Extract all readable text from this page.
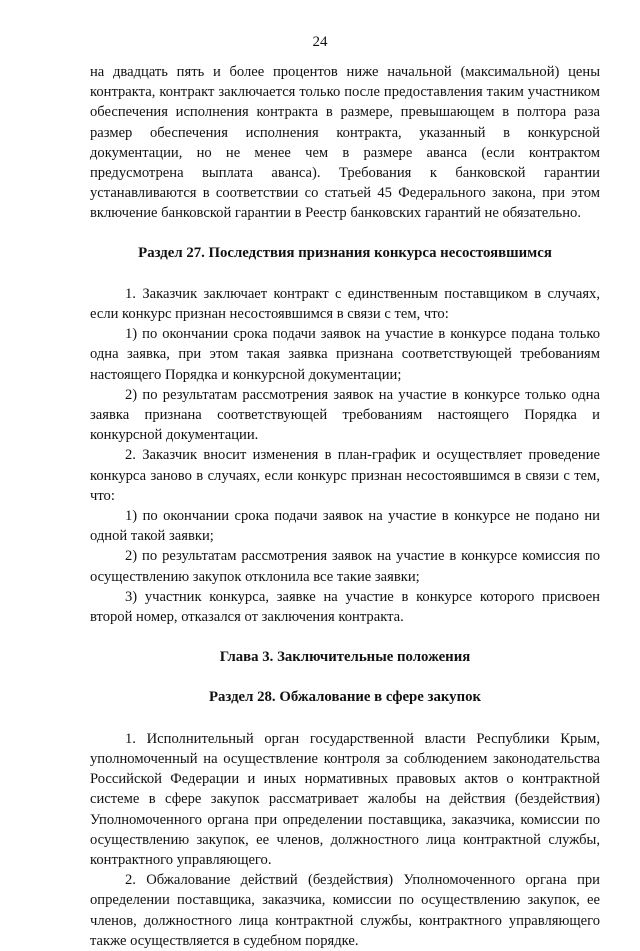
24

на двадцать пять и более процентов ниже начальной (максимальной) цены контракта, контракт заключается только после предоставления таким участником обеспечения исполнения контракта в размере, превышающем в полтора раза размер обеспечения исполнения контракта, указанный в конкурсной документации, но не менее чем в размере аванса (если контрактом предусмотрена выплата аванса). Требования к банковской гарантии устанавливаются в соответствии со статьей 45 Федерального закона, при этом включение банковской гарантии в Реестр банковских гарантий не обязательно.

Раздел 27. Последствия признания конкурса несостоявшимся

1. Заказчик заключает контракт с единственным поставщиком в случаях, если конкурс признан несостоявшимся в связи с тем, что:

1) по окончании срока подачи заявок на участие в конкурсе подана только одна заявка, при этом такая заявка признана соответствующей требованиям настоящего Порядка и конкурсной документации;

2) по результатам рассмотрения заявок на участие в конкурсе только одна заявка признана соответствующей требованиям настоящего Порядка и конкурсной документации.

2. Заказчик вносит изменения в план-график и осуществляет проведение конкурса заново в случаях, если конкурс признан несостоявшимся в связи с тем, что:

1) по окончании срока подачи заявок на участие в конкурсе не подано ни одной такой заявки;

2) по результатам рассмотрения заявок на участие в конкурсе комиссия по осуществлению закупок отклонила все такие заявки;

3) участник конкурса, заявке на участие в конкурсе которого присвоен второй номер, отказался от заключения контракта.

Глава 3. Заключительные положения

Раздел 28. Обжалование в сфере закупок

1. Исполнительный орган государственной власти Республики Крым, уполномоченный на осуществление контроля за соблюдением законодательства Российской Федерации и иных нормативных правовых актов о контрактной системе в сфере закупок рассматривает жалобы на действия (бездействия) Уполномоченного органа при определении поставщика, заказчика, комиссии по осуществлению закупок, ее членов, должностного лица контрактной службы, контрактного управляющего.

2. Обжалование действий (бездействия) Уполномоченного органа при определении поставщика, заказчика, комиссии по осуществлению закупок, ее членов, должностного лица контрактной службы, контрактного управляющего также осуществляется в судебном порядке.
